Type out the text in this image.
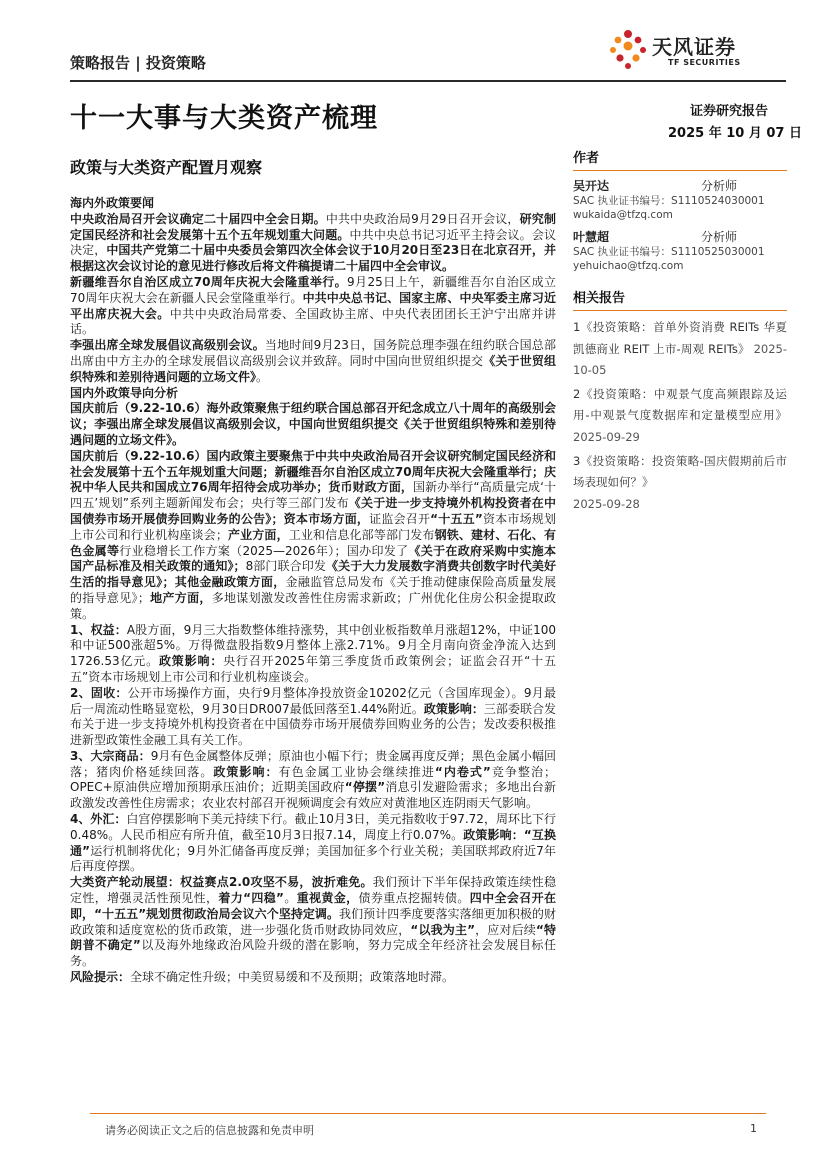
策略报告 | 投资策略
天风证券
TF SECURITIES
十一大事与大类资产梳理	证券研究报告
2025 年 10 月 07 日
政策与大类资产配置月观察

海内外政策要闻

中央政治局召开会议确定二十届四中全会日期。中共中央政治局9月29日召开会议，研究制定国民经济和社会发展第十五个五年规划重大问题。中共中央总书记习近平主持会议。会议决定，中国共产党第二十届中央委员会第四次全体会议于10月20日至23日在北京召开，并根据这次会议讨论的意见进行修改后将文件稿提请二十届四中全会审议。

新疆维吾尔自治区成立70周年庆祝大会隆重举行。9月25日上午，新疆维吾尔自治区成立70周年庆祝大会在新疆人民会堂隆重举行。中共中央总书记、国家主席、中央军委主席习近平出席庆祝大会。中共中央政治局常委、全国政协主席、中央代表团团长王沪宁出席并讲话。

李强出席全球发展倡议高级别会议。当地时间9月23日，国务院总理李强在纽约联合国总部出席由中方主办的全球发展倡议高级别会议并致辞。同时中国向世贸组织提交《关于世贸组织特殊和差别待遇问题的立场文件》。

国内外政策导向分析

国庆前后（9.22-10.6）海外政策聚焦于纽约联合国总部召开纪念成立八十周年的高级别会议；李强出席全球发展倡议高级别会议，中国向世贸组织提交《关于世贸组织特殊和差别待遇问题的立场文件》。

国庆前后（9.22-10.6）国内政策主要聚焦于中共中央政治局召开会议研究制定国民经济和社会发展第十五个五年规划重大问题；新疆维吾尔自治区成立70周年庆祝大会隆重举行；庆祝中华人民共和国成立76周年招待会成功举办；货币财政方面，国新办举行“高质量完成‘十四五’规划”系列主题新闻发布会；央行等三部门发布《关于进一步支持境外机构投资者在中国债券市场开展债券回购业务的公告》；资本市场方面，证监会召开“十五五”资本市场规划上市公司和行业机构座谈会；产业方面，工业和信息化部等部门发布钢铁、建材、石化、有色金属等行业稳增长工作方案（2025—2026年）；国办印发了《关于在政府采购中实施本国产品标准及相关政策的通知》；8部门联合印发《关于大力发展数字消费共创数字时代美好生活的指导意见》；其他金融政策方面，金融监管总局发布《关于推动健康保险高质量发展的指导意见》；地产方面，多地谋划激发改善性住房需求新政；广州优化住房公积金提取政策。

1、权益：A股方面，9月三大指数整体维持涨势，其中创业板指数单月涨超12%，中证100和中证500涨超5%。万得微盘股指数9月整体上涨2.71%。9月全月南向资金净流入达到1726.53亿元。政策影响：央行召开2025年第三季度货币政策例会；证监会召开“十五五”资本市场规划上市公司和行业机构座谈会。

2、固收：公开市场操作方面，央行9月整体净投放资金10202亿元（含国库现金）。9月最后一周流动性略显宽松，9月30日DR007最低回落至1.44%附近。政策影响：三部委联合发布关于进一步支持境外机构投资者在中国债券市场开展债券回购业务的公告；发改委积极推进新型政策性金融工具有关工作。

3、大宗商品：9月有色金属整体反弹；原油也小幅下行；贵金属再度反弹；黑色金属小幅回落；猪肉价格延续回落。政策影响：有色金属工业协会继续推进“内卷式”竞争整治；OPEC+原油供应增加预期承压油价；近期美国政府“停摆”消息引发避险需求；多地出台新政激发改善性住房需求；农业农村部召开视频调度会有效应对黄淮地区连阴雨天气影响。

4、外汇：白宫停摆影响下美元持续下行。截止10月3日，美元指数收于97.72，周环比下行0.48%。人民币相应有所升值，截至10月3日报7.14，周度上行0.07%。政策影响：“互换通”运行机制将优化；9月外汇储备再度反弹；美国加征多个行业关税；美国联邦政府近7年后再度停摆。

大类资产轮动展望：权益赛点2.0攻坚不易，波折难免。我们预计下半年保持政策连续性稳定性，增强灵活性预见性，着力“四稳”。重视黄金，债券重点挖掘转债。四中全会召开在即，“十五五”规划贯彻政治局会议六个坚持定调。我们预计四季度要落实落细更加积极的财政政策和适度宽松的货币政策，进一步强化货币财政协同效应，“以我为主”，应对后续“特朗普不确定”以及海外地缘政治风险升级的潜在影响，努力完成全年经济社会发展目标任务。

风险提示：全球不确定性升级；中美贸易缓和不及预期；政策落地时滞。

作者
吴开达	分析师
SAC 执业证书编号：S1110524030001
wukaida@tfzq.com
叶慧超	分析师
SAC 执业证书编号：S1110525030001
yehuichao@tfzq.com
相关报告
1《投资策略：首单外资消费 REITs 华夏凯德商业 REIT 上市-周观 REITs》 2025-10-05
2《投资策略：中观景气度高频跟踪及运用-中观景气度数据库和定量模型应用》 2025-09-29
3《投资策略：投资策略-国庆假期前后市场表现如何？》
2025-09-28
请务必阅读正文之后的信息披露和免责申明	1
